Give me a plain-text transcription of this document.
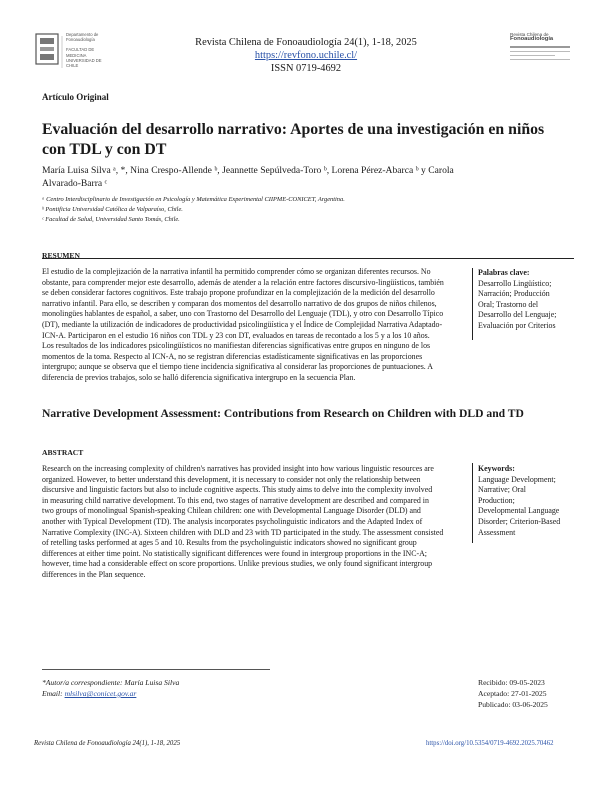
Departamento de
Fonoaudiología
FACULTAD DE MEDICINA
UNIVERSIDAD DE CHILE
Revista Chilena de Fonoaudiología 24(1), 1-18, 2025
https://revfono.uchile.cl/
ISSN 0719-4692
Revista Chilena de
Fonoaudiología
Artículo Original
Evaluación del desarrollo narrativo: Aportes de una investigación en niños con TDL y con DT
María Luisa Silva ᵃ, *, Nina Crespo-Allende ᵇ, Jeannette Sepúlveda-Toro ᵇ, Lorena Pérez-Abarca ᵇ y Carola
Alvarado-Barra ᶜ
ᵃ Centro Interdisciplinario de Investigación en Psicología y Matemática Experimental CIIPME-CONICET, Argentina.
ᵇ Pontificia Universidad Católica de Valparaíso, Chile.
ᶜ Facultad de Salud, Universidad Santo Tomás, Chile.
RESUMEN
El estudio de la complejización de la narrativa infantil ha permitido comprender cómo se organizan diferentes recursos. No
obstante, para comprender mejor este desarrollo, además de atender a la relación entre factores discursivo-lingüísticos, también
se deben considerar factores cognitivos. Este trabajo propone profundizar en la complejización de la medición del desarrollo
narrativo infantil. Para ello, se describen y comparan dos momentos del desarrollo narrativo de dos grupos de niños chilenos,
monolingües hablantes de español, a saber, uno con Trastorno del Desarrollo del Lenguaje (TDL), y otro con Desarrollo Típico
(DT), mediante la utilización de indicadores de productividad psicolingüística y el Índice de Complejidad Narrativa Adaptado-
ICN-A. Participaron en el estudio 16 niños con TDL y 23 con DT, evaluados en tareas de recontado a los 5 y a los 10 años.
Los resultados de los indicadores psicolingüísticos no manifiestan diferencias significativas entre grupos en ninguno de los
momentos de la toma. Respecto al ICN-A, no se registran diferencias estadísticamente significativas en las proporciones
intergrupo; aunque se observa que el tiempo tiene incidencia significativa al considerar las proporciones de puntuaciones. A
diferencia de previos trabajos, solo se halló diferencia significativa intergrupo en la secuencia Plan.
Palabras clave:
Desarrollo Lingüístico;
Narración; Producción
Oral; Trastorno del
Desarrollo del Lenguaje;
Evaluación por Criterios
Narrative Development Assessment: Contributions from Research on Children with DLD and TD
ABSTRACT
Research on the increasing complexity of children's narratives has provided insight into how various linguistic resources are
organized. However, to better understand this development, it is necessary to consider not only the relationship between
discursive and linguistic factors but also to include cognitive aspects. This study aims to delve into the complexity involved
in measuring child narrative development. To this end, two stages of narrative development are described and compared in
two groups of monolingual Spanish-speaking Chilean children: one with Developmental Language Disorder (DLD) and
another with Typical Development (TD). The analysis incorporates psycholinguistic indicators and the Adapted Index of
Narrative Complexity (INC-A). Sixteen children with DLD and 23 with TD participated in the study. The assessment consisted
of retelling tasks performed at ages 5 and 10. Results from the psycholinguistic indicators showed no significant group
differences at either time point. No statistically significant differences were found in intergroup proportions in the INC-A;
however, time had a considerable effect on score proportions. Unlike previous studies, we only found significant intergroup
differences in the Plan sequence.
Keywords:
Language Development;
Narrative; Oral
Production;
Developmental Language
Disorder; Criterion-Based
Assessment
*Autor/a correspondiente: María Luisa Silva
Email: mlsilva@conicet.gov.ar
Recibido: 09-05-2023
Aceptado: 27-01-2025
Publicado: 03-06-2025
Revista Chilena de Fonoaudiología 24(1), 1-18, 2025	https://doi.org/10.5354/0719-4692.2025.70462
